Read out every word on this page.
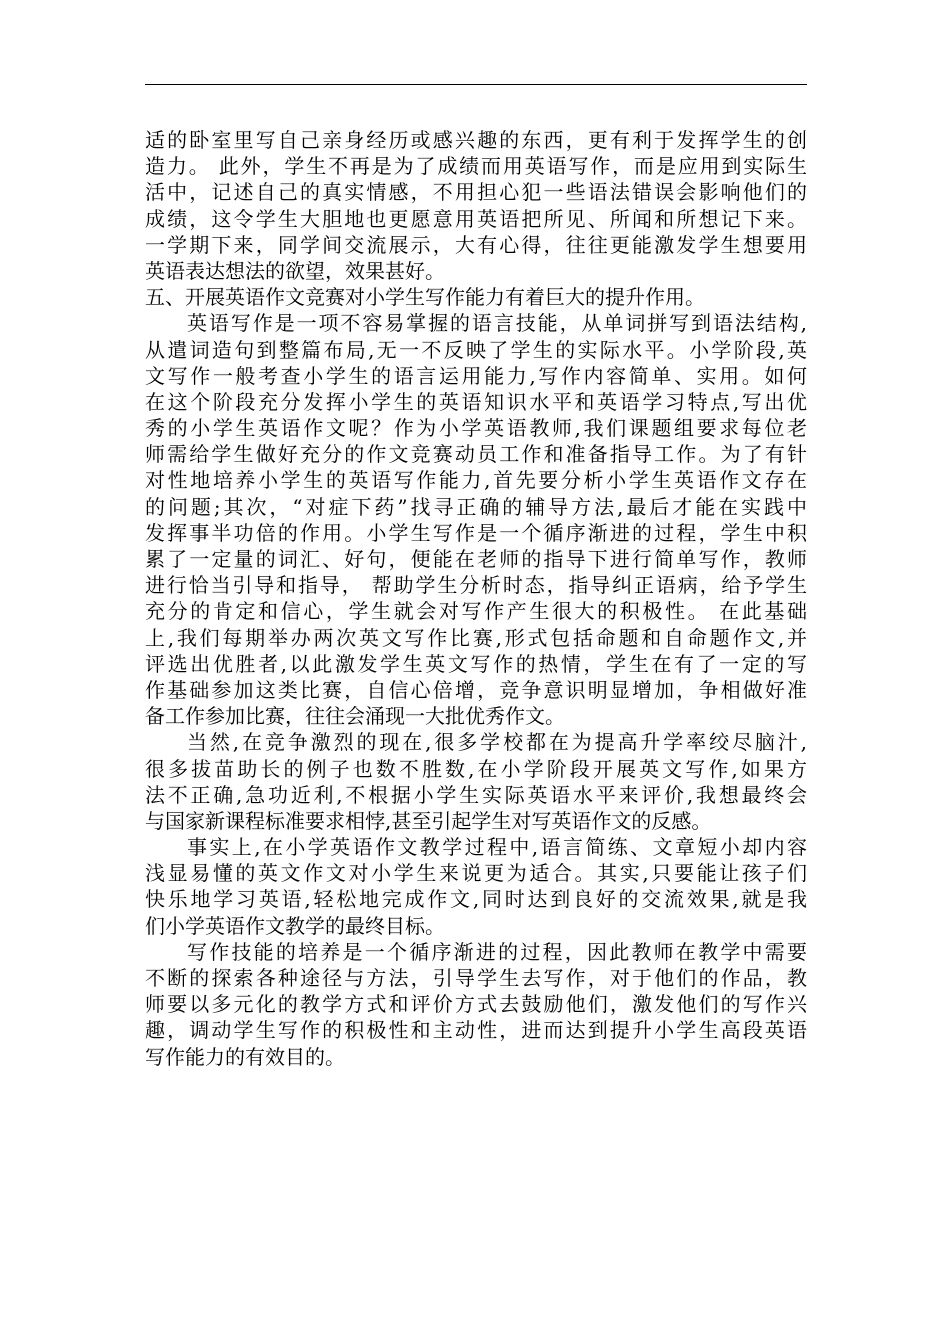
适的卧室里写自己亲身经历或感兴趣的东西，更有利于发挥学生的创
造力。 此外，学生不再是为了成绩而用英语写作，而是应用到实际生
活中，记述自己的真实情感，不用担心犯一些语法错误会影响他们的
成绩，这令学生大胆地也更愿意用英语把所见、所闻和所想记下来。
一学期下来，同学间交流展示，大有心得，往往更能激发学生想要用
英语表达想法的欲望，效果甚好。
五、开展英语作文竞赛对小学生写作能力有着巨大的提升作用。
英语写作是一项不容易掌握的语言技能，从单词拼写到语法结构,
从遣词造句到整篇布局,无一不反映了学生的实际水平。小学阶段,英
文写作一般考查小学生的语言运用能力,写作内容简单、实用。如何
在这个阶段充分发挥小学生的英语知识水平和英语学习特点,写出优
秀的小学生英语作文呢？作为小学英语教师,我们课题组要求每位老
师需给学生做好充分的作文竞赛动员工作和准备指导工作。为了有针
对性地培养小学生的英语写作能力,首先要分析小学生英语作文存在
的问题;其次，“对症下药”找寻正确的辅导方法,最后才能在实践中
发挥事半功倍的作用。小学生写作是一个循序渐进的过程，学生中积
累了一定量的词汇、好句，便能在老师的指导下进行简单写作，教师
进行恰当引导和指导， 帮助学生分析时态，指导纠正语病，给予学生
充分的肯定和信心，学生就会对写作产生很大的积极性。 在此基础
上,我们每期举办两次英文写作比赛,形式包括命题和自命题作文,并
评选出优胜者,以此激发学生英文写作的热情，学生在有了一定的写
作基础参加这类比赛，自信心倍增，竞争意识明显增加，争相做好准
备工作参加比赛，往往会涌现一大批优秀作文。
当然,在竞争激烈的现在,很多学校都在为提高升学率绞尽脑汁,
很多拔苗助长的例子也数不胜数,在小学阶段开展英文写作,如果方
法不正确,急功近利,不根据小学生实际英语水平来评价,我想最终会
与国家新课程标准要求相悖,甚至引起学生对写英语作文的反感。
事实上,在小学英语作文教学过程中,语言简练、文章短小却内容
浅显易懂的英文作文对小学生来说更为适合。其实,只要能让孩子们
快乐地学习英语,轻松地完成作文,同时达到良好的交流效果,就是我
们小学英语作文教学的最终目标。
写作技能的培养是一个循序渐进的过程，因此教师在教学中需要
不断的探索各种途径与方法，引导学生去写作，对于他们的作品，教
师要以多元化的教学方式和评价方式去鼓励他们，激发他们的写作兴
趣，调动学生写作的积极性和主动性，进而达到提升小学生高段英语
写作能力的有效目的。
